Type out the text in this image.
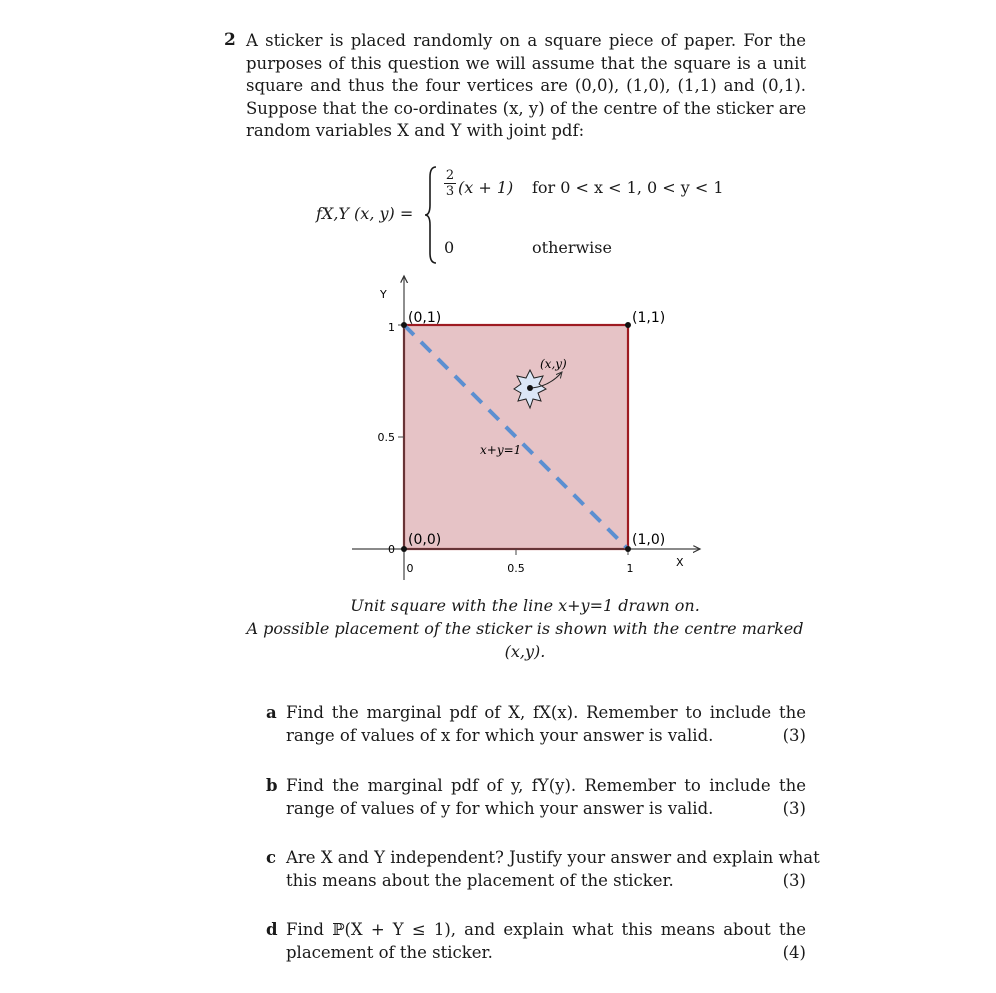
2 A sticker is placed randomly on a square piece of paper. For the
purposes of this question we will assume that the square is a unit
square and thus the four vertices are (0,0), (1,0), (1,1) and (0,1).
Suppose that the co-ordinates (x, y) of the centre of the sticker are
random variables X and Y with joint pdf:
fX,Y (x, y) =
$\frac{2}{3} (x + 1)$ for 0 < x < 1, 0 < y < 1
0	otherwise
Y
X
0	0.5	1
0
0.5
1
(0,0)	(1,0)
(1,1)
(0,1)
x+y=1
(x,y)
Unit square with the line x+y=1 drawn on.
A possible placement of the sticker is shown with the centre marked
(x,y).
a Find the marginal pdf of X, fX(x). Remember to include the
range of values of x for which your answer is valid.	(3)
b Find the marginal pdf of y, fY(y). Remember to include the
range of values of y for which your answer is valid.	(3)
c Are X and Y independent? Justify your answer and explain what
this means about the placement of the sticker.	(3)
d Find ℙ(X + Y ≤ 1), and explain what this means about the
placement of the sticker.	(4)
